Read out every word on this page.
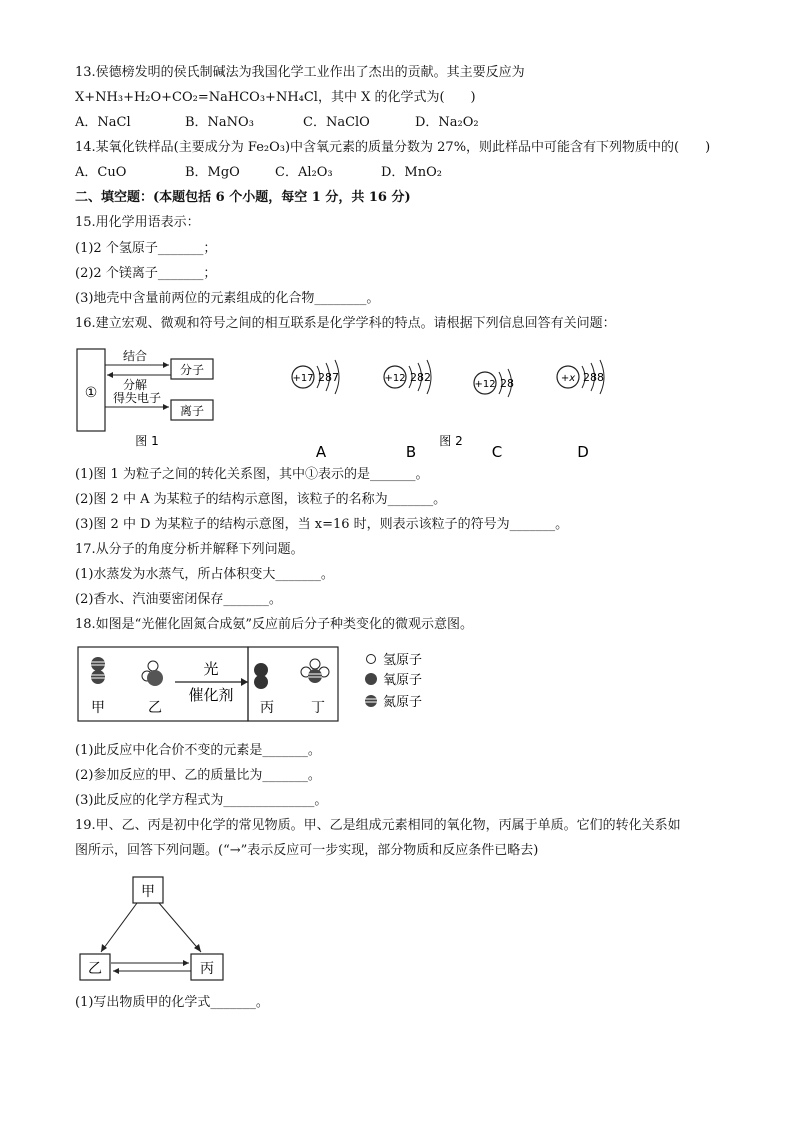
13.侯德榜发明的侯氏制碱法为我国化学工业作出了杰出的贡献。其主要反应为
X+NH₃+H₂O+CO₂=NaHCO₃+NH₄Cl，其中 X 的化学式为(　　)
A．NaCl	B．NaNO₃	C．NaClO	D．Na₂O₂
14.某氧化铁样品(主要成分为 Fe₂O₃)中含氧元素的质量分数为 27%，则此样品中可能含有下列物质中的(　　)
A．CuO	B．MgO	C．Al₂O₃	D．MnO₂
二、填空题：(本题包括 6 个小题，每空 1 分，共 16 分)
15.用化学用语表示：
(1)2 个氢原子_______；
(2)2 个镁离子_______；
(3)地壳中含量前两位的元素组成的化合物________。
16.建立宏观、微观和符号之间的相互联系是化学学科的特点。请根据下列信息回答有关问题：
①
分子
离子
结合
分解
得失电子
图 1
+17 287
A
+12 282
B
+12 28
C
+x 288
D
图 2
(1)图 1 为粒子之间的转化关系图，其中①表示的是_______。
(2)图 2 中 A 为某粒子的结构示意图，该粒子的名称为_______。
(3)图 2 中 D 为某粒子的结构示意图，当 x=16 时，则表示该粒子的符号为_______。
17.从分子的角度分析并解释下列问题。
(1)水蒸发为水蒸气，所占体积变大_______。
(2)香水、汽油要密闭保存_______。
18.如图是“光催化固氮合成氨”反应前后分子种类变化的微观示意图。
甲	乙
光
催化剂
丙	丁
氢原子
氧原子
氮原子
(1)此反应中化合价不变的元素是_______。
(2)参加反应的甲、乙的质量比为_______。
(3)此反应的化学方程式为______________。
19.甲、乙、丙是初中化学的常见物质。甲、乙是组成元素相同的氧化物，丙属于单质。它们的转化关系如
图所示，回答下列问题。(“→”表示反应可一步实现，部分物质和反应条件已略去)
甲
乙	丙
(1)写出物质甲的化学式_______。
